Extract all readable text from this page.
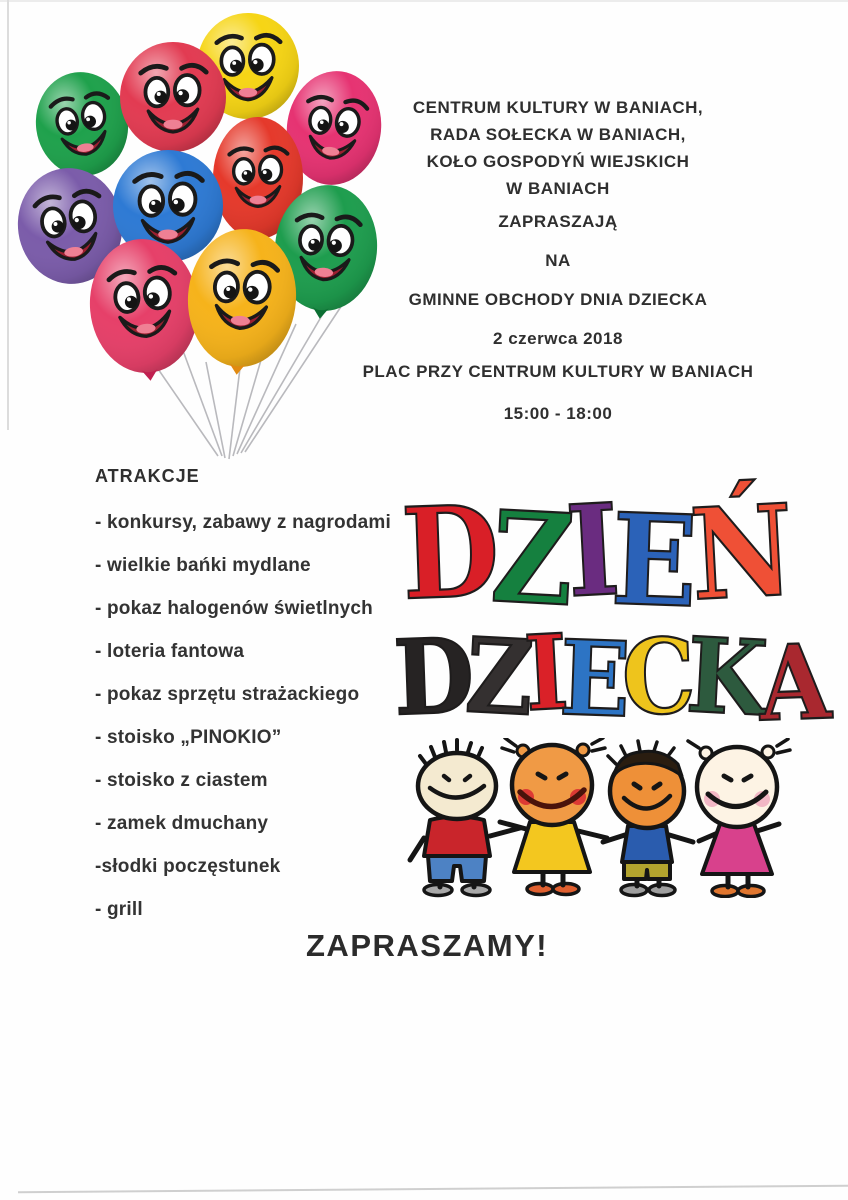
CENTRUM KULTURY W BANIACH,
RADA SOŁECKA W BANIACH,
KOŁO GOSPODYŃ WIEJSKICH
W BANIACH
ZAPRASZAJĄ
NA
GMINNE OBCHODY DNIA DZIECKA
2 czerwca 2018
PLAC PRZY CENTRUM KULTURY W BANIACH
15:00 - 18:00
ATRAKCJE
- konkursy, zabawy z nagrodami
- wielkie bańki mydlane
- pokaz halogenów świetlnych
- loteria fantowa
- pokaz sprzętu strażackiego
- stoisko „PINOKIO”
- stoisko z ciastem
- zamek dmuchany
-słodki poczęstunek
- grill
DZIEŃ
DZIECKA
ZAPRASZAMY!
